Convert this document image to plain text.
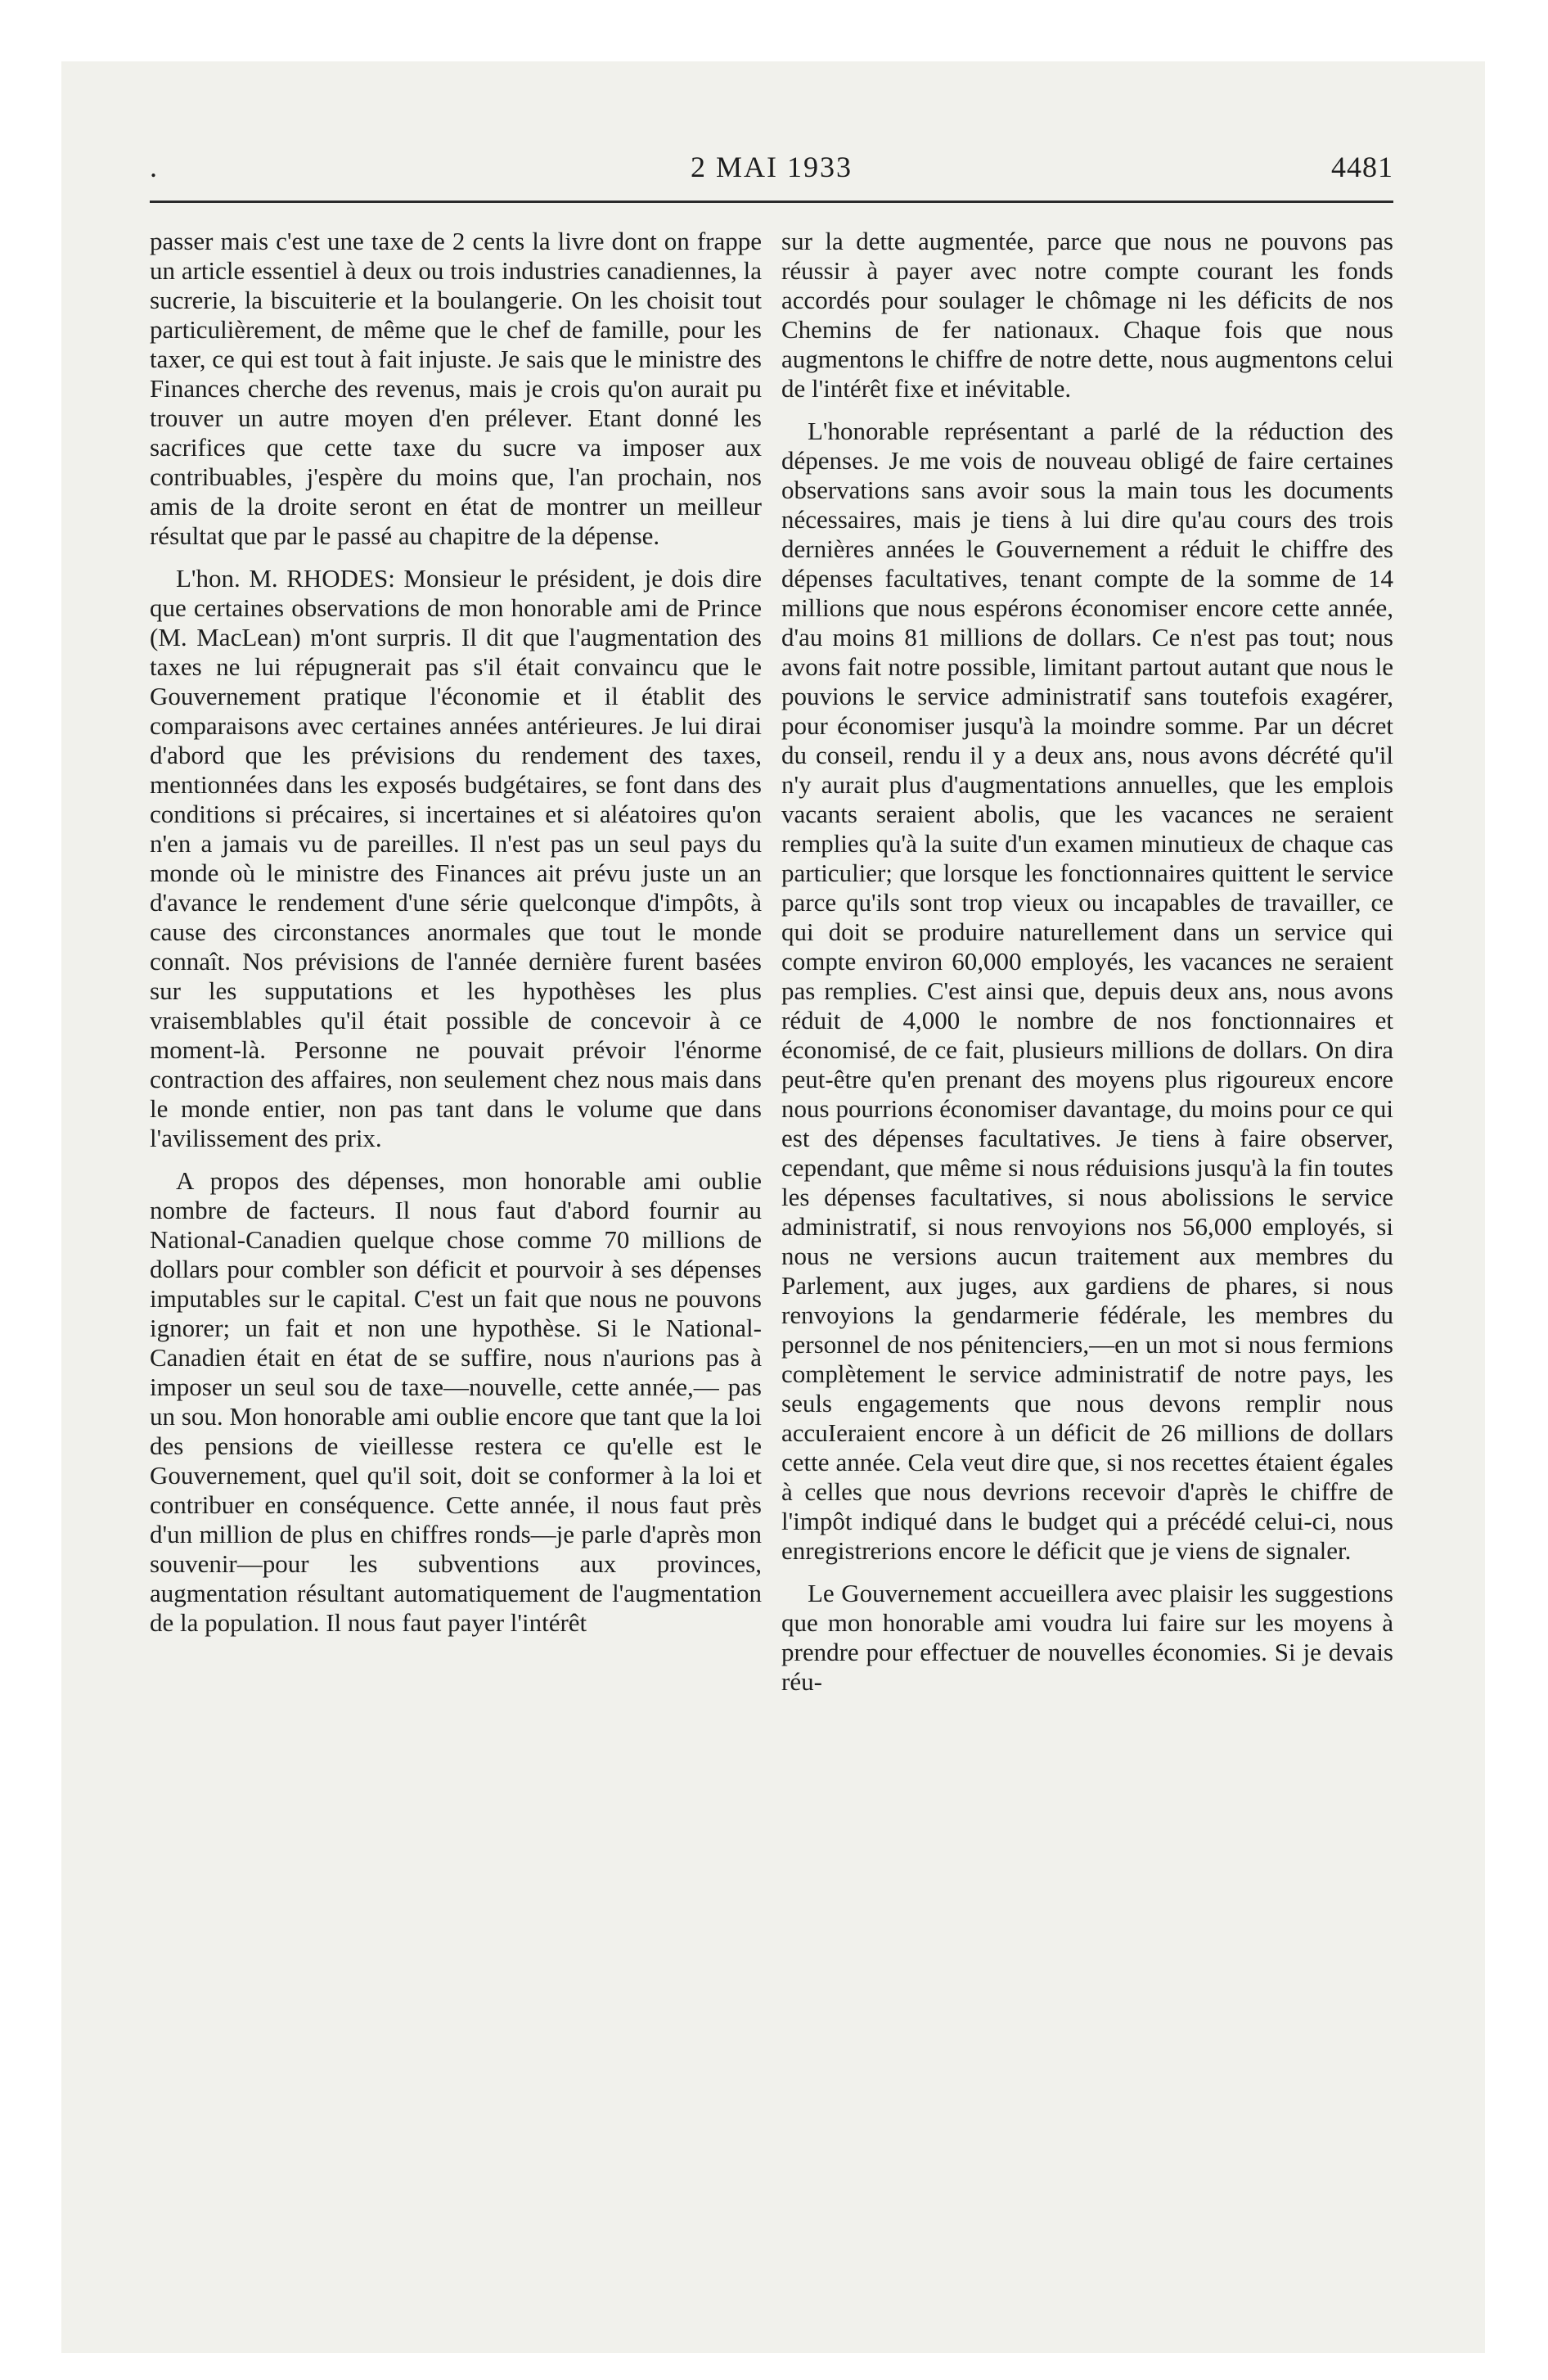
.	2 MAI 1933	4481

passer mais c'est une taxe de 2 cents la livre dont on frappe un article essentiel à deux ou trois industries canadiennes, la sucrerie, la biscuiterie et la boulangerie. On les choisit tout particulièrement, de même que le chef de famille, pour les taxer, ce qui est tout à fait injuste. Je sais que le ministre des Finances cherche des revenus, mais je crois qu'on aurait pu trouver un autre moyen d'en prélever. Etant donné les sacrifices que cette taxe du sucre va imposer aux contribuables, j'espère du moins que, l'an prochain, nos amis de la droite seront en état de montrer un meilleur résultat que par le passé au chapitre de la dépense.

L'hon. M. RHODES: Monsieur le président, je dois dire que certaines observations de mon honorable ami de Prince (M. MacLean) m'ont surpris. Il dit que l'augmentation des taxes ne lui répugnerait pas s'il était convaincu que le Gouvernement pratique l'économie et il établit des comparaisons avec certaines années antérieures. Je lui dirai d'abord que les prévisions du rendement des taxes, mentionnées dans les exposés budgétaires, se font dans des conditions si précaires, si incertaines et si aléatoires qu'on n'en a jamais vu de pareilles. Il n'est pas un seul pays du monde où le ministre des Finances ait prévu juste un an d'avance le rendement d'une série quelconque d'impôts, à cause des circonstances anormales que tout le monde connaît. Nos prévisions de l'année dernière furent basées sur les supputations et les hypothèses les plus vraisemblables qu'il était possible de concevoir à ce moment-là. Personne ne pouvait prévoir l'énorme contraction des affaires, non seulement chez nous mais dans le monde entier, non pas tant dans le volume que dans l'avilissement des prix.

A propos des dépenses, mon honorable ami oublie nombre de facteurs. Il nous faut d'abord fournir au National-Canadien quelque chose comme 70 millions de dollars pour combler son déficit et pourvoir à ses dépenses imputables sur le capital. C'est un fait que nous ne pouvons ignorer; un fait et non une hypothèse. Si le National-Canadien était en état de se suffire, nous n'aurions pas à imposer un seul sou de taxe—nouvelle, cette année,— pas un sou. Mon honorable ami oublie encore que tant que la loi des pensions de vieillesse restera ce qu'elle est le Gouvernement, quel qu'il soit, doit se conformer à la loi et contribuer en conséquence. Cette année, il nous faut près d'un million de plus en chiffres ronds—je parle d'après mon souvenir—pour les subventions aux provinces, augmentation résultant automatiquement de l'augmentation de la population. Il nous faut payer l'intérêt

sur la dette augmentée, parce que nous ne pouvons pas réussir à payer avec notre compte courant les fonds accordés pour soulager le chômage ni les déficits de nos Chemins de fer nationaux. Chaque fois que nous augmentons le chiffre de notre dette, nous augmentons celui de l'intérêt fixe et inévitable.

L'honorable représentant a parlé de la réduction des dépenses. Je me vois de nouveau obligé de faire certaines observations sans avoir sous la main tous les documents nécessaires, mais je tiens à lui dire qu'au cours des trois dernières années le Gouvernement a réduit le chiffre des dépenses facultatives, tenant compte de la somme de 14 millions que nous espérons économiser encore cette année, d'au moins 81 millions de dollars. Ce n'est pas tout; nous avons fait notre possible, limitant partout autant que nous le pouvions le service administratif sans toutefois exagérer, pour économiser jusqu'à la moindre somme. Par un décret du conseil, rendu il y a deux ans, nous avons décrété qu'il n'y aurait plus d'augmentations annuelles, que les emplois vacants seraient abolis, que les vacances ne seraient remplies qu'à la suite d'un examen minutieux de chaque cas particulier; que lorsque les fonctionnaires quittent le service parce qu'ils sont trop vieux ou incapables de travailler, ce qui doit se produire naturellement dans un service qui compte environ 60,000 employés, les vacances ne seraient pas remplies. C'est ainsi que, depuis deux ans, nous avons réduit de 4,000 le nombre de nos fonctionnaires et économisé, de ce fait, plusieurs millions de dollars. On dira peut-être qu'en prenant des moyens plus rigoureux encore nous pourrions économiser davantage, du moins pour ce qui est des dépenses facultatives. Je tiens à faire observer, cependant, que même si nous réduisions jusqu'à la fin toutes les dépenses facultatives, si nous abolissions le service administratif, si nous renvoyions nos 56,000 employés, si nous ne versions aucun traitement aux membres du Parlement, aux juges, aux gardiens de phares, si nous renvoyions la gendarmerie fédérale, les membres du personnel de nos pénitenciers,—en un mot si nous fermions complètement le service administratif de notre pays, les seuls engagements que nous devons remplir nous accuIeraient encore à un déficit de 26 millions de dollars cette année. Cela veut dire que, si nos recettes étaient égales à celles que nous devrions recevoir d'après le chiffre de l'impôt indiqué dans le budget qui a précédé celui-ci, nous enregistrerions encore le déficit que je viens de signaler.

Le Gouvernement accueillera avec plaisir les suggestions que mon honorable ami voudra lui faire sur les moyens à prendre pour effectuer de nouvelles économies. Si je devais réu-
